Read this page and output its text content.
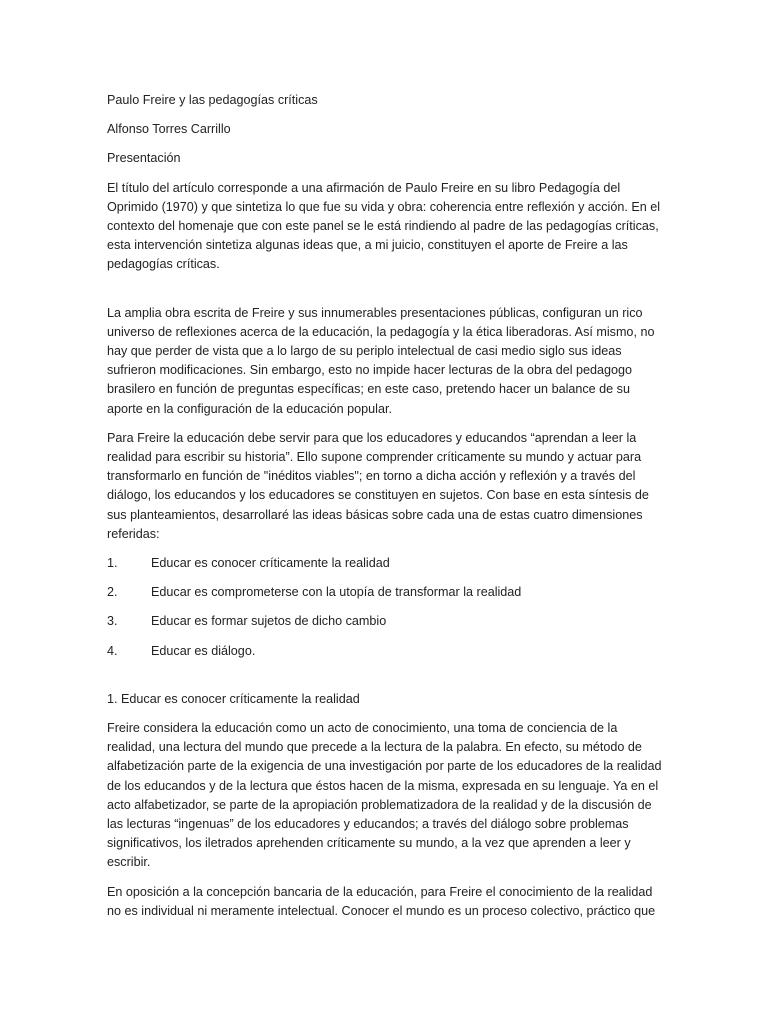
Paulo Freire y las pedagogías críticas

Alfonso Torres Carrillo

Presentación

El título del artículo corresponde a una afirmación de Paulo Freire en su libro Pedagogía del Oprimido (1970) y que sintetiza lo que fue su vida y obra: coherencia entre reflexión y acción. En el contexto del homenaje que con este panel se le está rindiendo al padre de las pedagogías críticas, esta intervención sintetiza algunas ideas que, a mi juicio, constituyen el aporte de Freire a las pedagogías críticas.

La amplia obra escrita de Freire y sus innumerables presentaciones públicas, configuran un rico universo de reflexiones acerca de la educación, la pedagogía y la ética liberadoras. Así mismo, no hay que perder de vista que a lo largo de su periplo intelectual de casi medio siglo sus ideas sufrieron modificaciones. Sin embargo, esto no impide hacer lecturas de la obra del pedagogo brasilero en función de preguntas específicas; en este caso, pretendo hacer un balance de su aporte en la configuración de la educación popular.

Para Freire la educación debe servir para que los educadores y educandos “aprendan a leer la realidad para escribir su historia”. Ello supone comprender críticamente su mundo y actuar para transformarlo en función de "inéditos viables"; en torno a dicha acción y reflexión y a través del diálogo, los educandos y los educadores se constituyen en sujetos. Con base en esta síntesis de sus planteamientos, desarrollaré las ideas básicas sobre cada una de estas cuatro dimensiones referidas:

1.	Educar es conocer críticamente la realidad
2.	Educar es comprometerse con la utopía de transformar la realidad
3.	Educar es formar sujetos de dicho cambio
4.	Educar es diálogo.

1. Educar es conocer críticamente la realidad

Freire considera la educación como un acto de conocimiento, una toma de conciencia de la realidad, una lectura del mundo que precede a la lectura de la palabra. En efecto, su método de alfabetización parte de la exigencia de una investigación por parte de los educadores de la realidad de los educandos y de la lectura que éstos hacen de la misma, expresada en su lenguaje. Ya en el acto alfabetizador, se parte de la apropiación problematizadora de la realidad y de la discusión de las lecturas “ingenuas” de los educadores y educandos; a través del diálogo sobre problemas significativos, los iletrados aprehenden críticamente su mundo, a la vez que aprenden a leer y escribir.

En oposición a la concepción bancaria de la educación, para Freire el conocimiento de la realidad no es individual ni meramente intelectual. Conocer el mundo es un proceso colectivo, práctico que
